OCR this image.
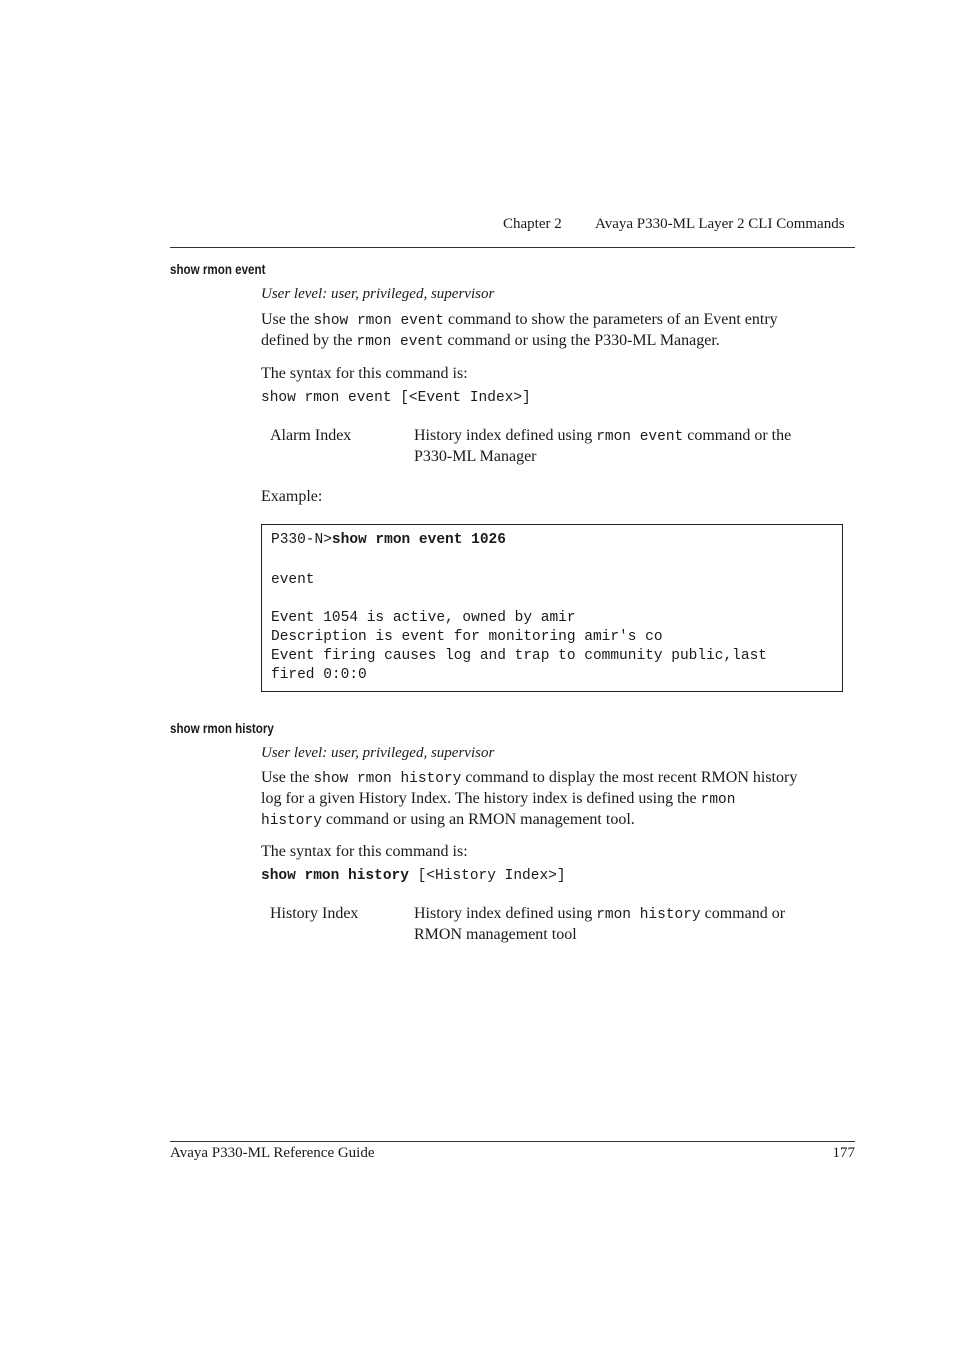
Chapter 2 Avaya P330-ML Layer 2 CLI Commands
show rmon event
User level: user, privileged, supervisor
Use the show rmon event command to show the parameters of an Event entry
defined by the rmon event command or using the P330-ML Manager.
The syntax for this command is:
show rmon event [<Event Index>]
Alarm Index	History index defined using rmon event command or the
P330-ML Manager
Example:
P330-N>show rmon event 1026
event
Event 1054 is active, owned by amir
Description is event for monitoring amir's co
Event firing causes log and trap to community public,last
fired 0:0:0
show rmon history
User level: user, privileged, supervisor
Use the show rmon history command to display the most recent RMON history
log for a given History Index. The history index is defined using the rmon
history command or using an RMON management tool.
The syntax for this command is:
show rmon history [<History Index>]
History Index	History index defined using rmon history command or
RMON management tool
Avaya P330-ML Reference Guide	177
